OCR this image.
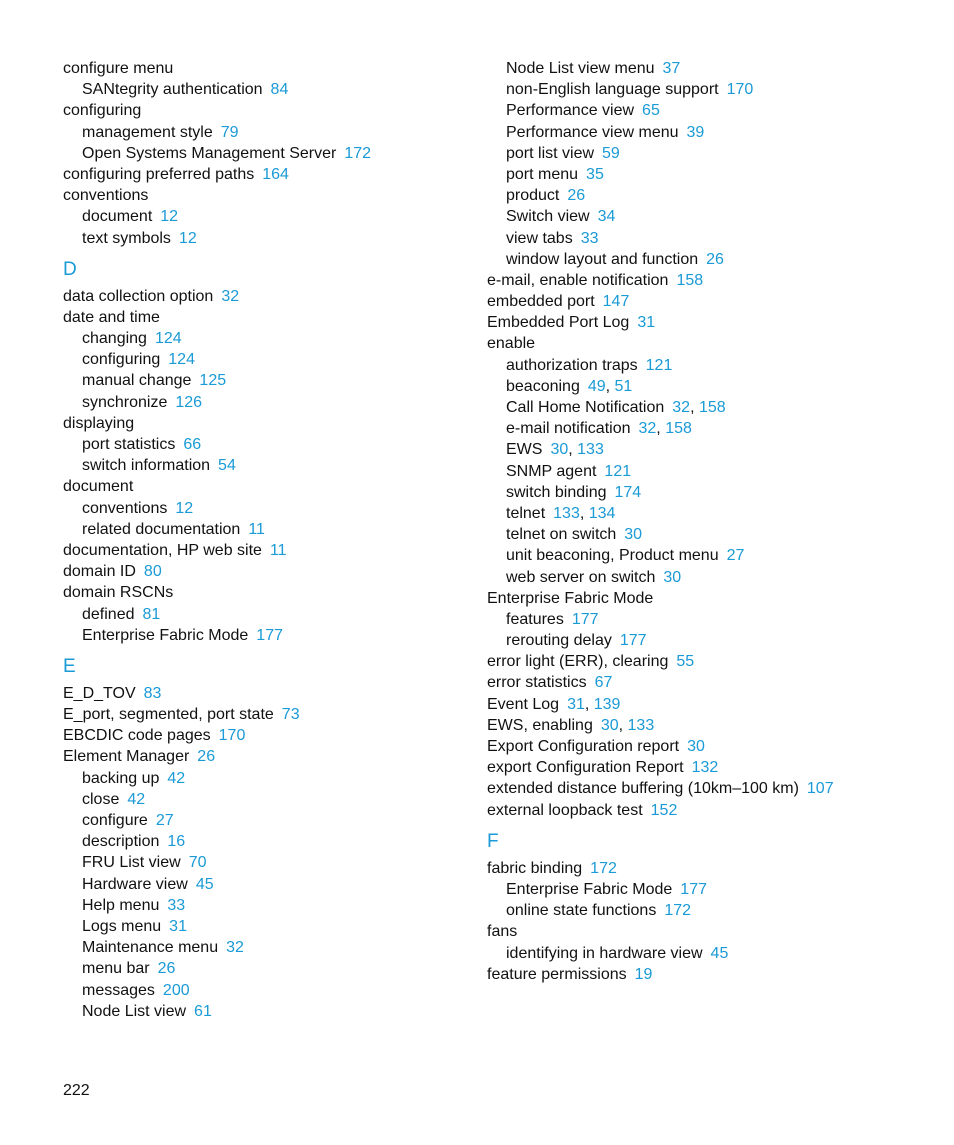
configure menu
SANtegrity authentication 84
configuring
management style 79
Open Systems Management Server 172
configuring preferred paths 164
conventions
document 12
text symbols 12
D
data collection option 32
date and time
changing 124
configuring 124
manual change 125
synchronize 126
displaying
port statistics 66
switch information 54
document
conventions 12
related documentation 11
documentation, HP web site 11
domain ID 80
domain RSCNs
defined 81
Enterprise Fabric Mode 177
E
E_D_TOV 83
E_port, segmented, port state 73
EBCDIC code pages 170
Element Manager 26
backing up 42
close 42
configure 27
description 16
FRU List view 70
Hardware view 45
Help menu 33
Logs menu 31
Maintenance menu 32
menu bar 26
messages 200
Node List view 61
Node List view menu 37
non-English language support 170
Performance view 65
Performance view menu 39
port list view 59
port menu 35
product 26
Switch view 34
view tabs 33
window layout and function 26
e-mail, enable notification 158
embedded port 147
Embedded Port Log 31
enable
authorization traps 121
beaconing 49, 51
Call Home Notification 32, 158
e-mail notification 32, 158
EWS 30, 133
SNMP agent 121
switch binding 174
telnet 133, 134
telnet on switch 30
unit beaconing, Product menu 27
web server on switch 30
Enterprise Fabric Mode
features 177
rerouting delay 177
error light (ERR), clearing 55
error statistics 67
Event Log 31, 139
EWS, enabling 30, 133
Export Configuration report 30
export Configuration Report 132
extended distance buffering (10km–100 km) 107
external loopback test 152
F
fabric binding 172
Enterprise Fabric Mode 177
online state functions 172
fans
identifying in hardware view 45
feature permissions 19
222
